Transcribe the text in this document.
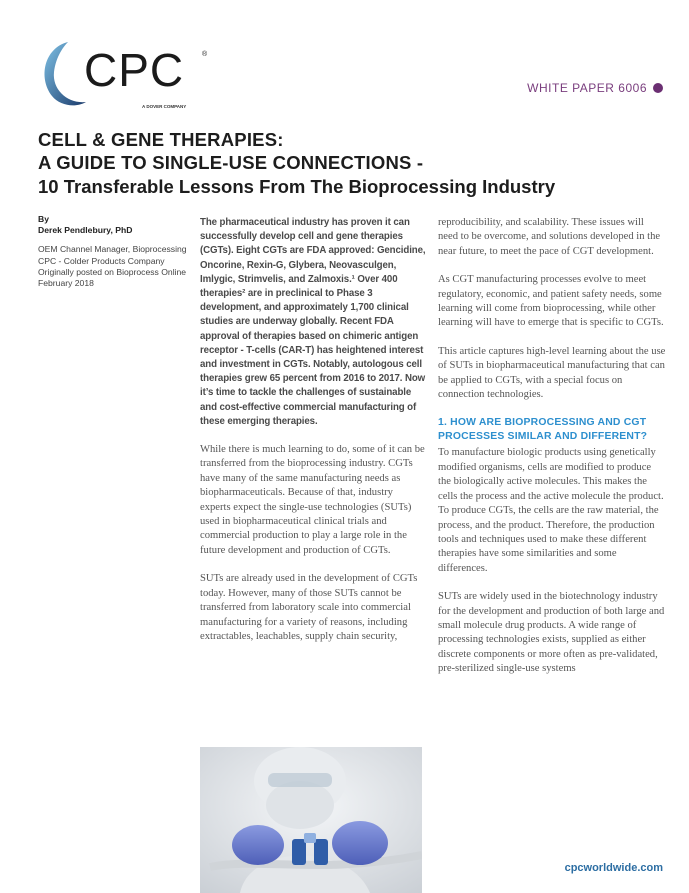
CPC	®
A DOVER COMPANY
WHITE PAPER 6006
CELL & GENE THERAPIES:
A GUIDE TO SINGLE-USE CONNECTIONS -
10 Transferable Lessons From The Bioprocessing Industry
By
Derek Pendlebury, PhD
OEM Channel Manager, Bioprocessing
CPC - Colder Products Company
Originally posted on Bioprocess Online
February 2018

The pharmaceutical industry has proven it can successfully develop cell and gene therapies (CGTs). Eight CGTs are FDA approved: Gencidine, Oncorine, Rexin-G, Glybera, Neovasculgen, Imlygic, Strimvelis, and Zalmoxis.¹ Over 400 therapies² are in preclinical to Phase 3 development, and approximately 1,700 clinical studies are underway globally. Recent FDA approval of therapies based on chimeric antigen receptor - T-cells (CAR-T) has heightened interest and investment in CGTs. Notably, autologous cell therapies grew 65 percent from 2016 to 2017. Now it’s time to tackle the challenges of sustainable and cost-effective commercial manufacturing of these emerging therapies.

While there is much learning to do, some of it can be transferred from the bioprocessing industry. CGTs have many of the same manufacturing needs as biopharmaceuticals. Because of that, industry experts expect the single-use technologies (SUTs) used in biopharmaceutical clinical trials and commercial production to play a large role in the future development and production of CGTs.

SUTs are already used in the development of CGTs today. However, many of those SUTs cannot be transferred from laboratory scale into commercial manufacturing for a variety of reasons, including extractables, leachables, supply chain security,

reproducibility, and scalability. These issues will need to be overcome, and solutions developed in the near future, to meet the pace of CGT development.

As CGT manufacturing processes evolve to meet regulatory, economic, and patient safety needs, some learning will come from bioprocessing, while other learning will have to emerge that is specific to CGTs.

This article captures high-level learning about the use of SUTs in biopharmaceutical manufacturing that can be applied to CGTs, with a special focus on connection technologies.

1. HOW ARE BIOPROCESSING AND CGT PROCESSES SIMILAR AND DIFFERENT?

To manufacture biologic products using genetically modified organisms, cells are modified to produce the biologically active molecules. This makes the cells the process and the active molecule the product. To produce CGTs, the cells are the raw material, the process, and the product. Therefore, the production tools and techniques used to make these different therapies have some similarities and some differences.

SUTs are widely used in the biotechnology industry for the development and production of both large and small molecule drug products. A wide range of processing technologies exists, supplied as either discrete components or more often as pre-validated, pre-sterilized single-use systems

cpcworldwide.com
